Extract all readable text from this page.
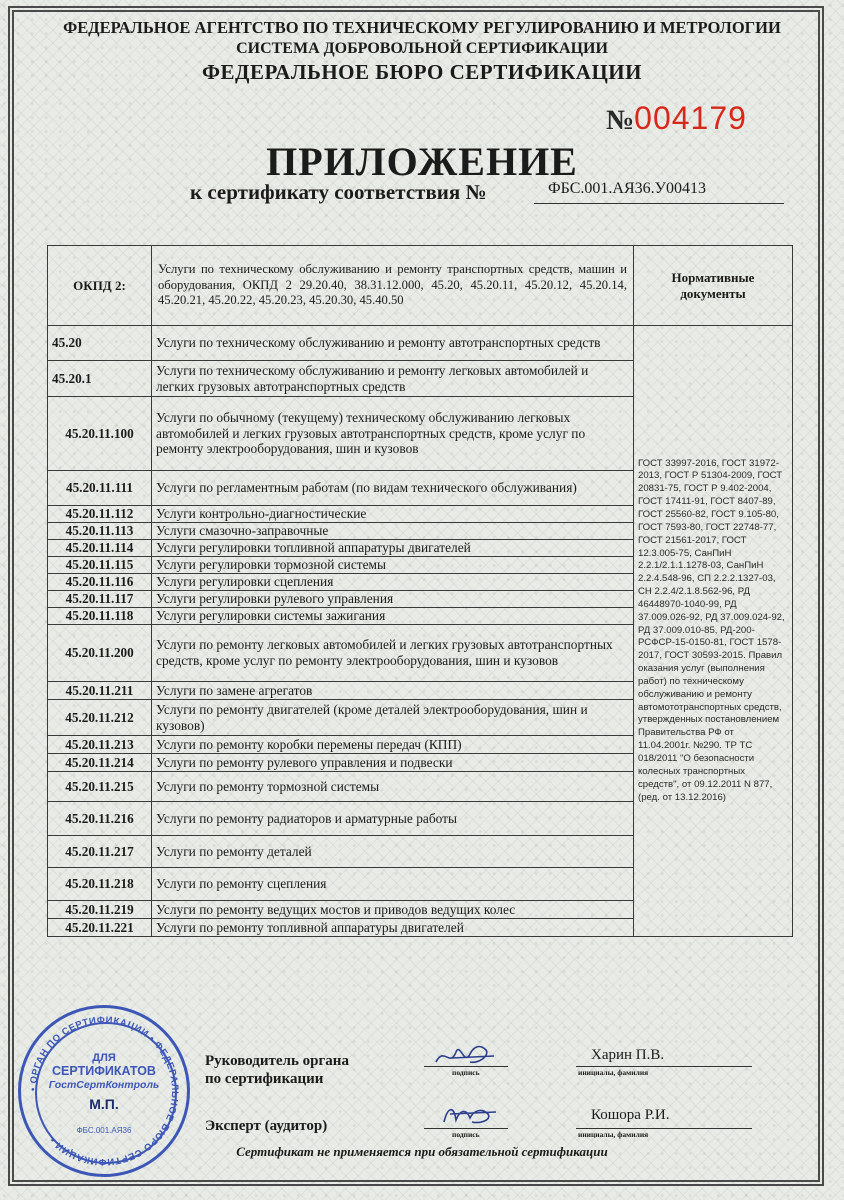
ФЕДЕРАЛЬНОЕ АГЕНТСТВО ПО ТЕХНИЧЕСКОМУ РЕГУЛИРОВАНИЮ И МЕТРОЛОГИИ
СИСТЕМА ДОБРОВОЛЬНОЙ СЕРТИФИКАЦИИ
ФЕДЕРАЛЬНОЕ БЮРО СЕРТИФИКАЦИИ
№004179
ПРИЛОЖЕНИЕ
к сертификату соответствия №	ФБС.001.АЯ36.У00413
ОКПД 2:	Услуги по техническому обслуживанию и ремонту транспортных средств, машин и оборудования, ОКПД 2 29.20.40, 38.31.12.000, 45.20, 45.20.11, 45.20.12, 45.20.14, 45.20.21, 45.20.22, 45.20.23, 45.20.30, 45.40.50	Нормативные документы
45.20	Услуги по техническому обслуживанию и ремонту автотранспортных средств	ГОСТ 33997-2016, ГОСТ 31972-2013, ГОСТ Р 51304-2009, ГОСТ 20831-75, ГОСТ Р 9.402-2004, ГОСТ 17411-91, ГОСТ 8407-89, ГОСТ 25560-82, ГОСТ 9.105-80, ГОСТ 7593-80, ГОСТ 22748-77, ГОСТ 21561-2017, ГОСТ 12.3.005-75, СанПиН 2.2.1/2.1.1.1278-03, СанПиН 2.2.4.548-96, СП 2.2.2.1327-03, СН 2.2.4/2.1.8.562-96, РД 46448970-1040-99, РД 37.009.026-92, РД 37.009.024-92, РД 37.009.010-85, РД-200-РСФСР-15-0150-81, ГОСТ 1578-2017, ГОСТ 30593-2015. Правил оказания услуг (выполнения работ) по техническому обслуживанию и ремонту автомототранспортных средств, утвержденных постановлением Правительства РФ от 11.04.2001г. №290. ТР ТС 018/2011 "О безопасности колесных транспортных средств", от 09.12.2011 N 877, (ред. от 13.12.2016)
45.20.1	Услуги по техническому обслуживанию и ремонту легковых автомобилей и легких грузовых автотранспортных средств	
45.20.11.100	Услуги по обычному (текущему) техническому обслуживанию легковых автомобилей и легких грузовых автотранспортных средств, кроме услуг по ремонту электрооборудования, шин и кузовов	
45.20.11.111	Услуги по регламентным работам (по видам технического обслуживания)	
45.20.11.112	Услуги контрольно-диагностические	
45.20.11.113	Услуги смазочно-заправочные	
45.20.11.114	Услуги регулировки топливной аппаратуры двигателей	
45.20.11.115	Услуги регулировки тормозной системы	
45.20.11.116	Услуги регулировки сцепления	
45.20.11.117	Услуги регулировки рулевого управления	
45.20.11.118	Услуги регулировки системы зажигания	
45.20.11.200	Услуги по ремонту легковых автомобилей и легких грузовых автотранспортных средств, кроме услуг по ремонту электрооборудования, шин и кузовов	
45.20.11.211	Услуги по замене агрегатов	
45.20.11.212	Услуги по ремонту двигателей (кроме деталей электрооборудования, шин и кузовов)	
45.20.11.213	Услуги по ремонту коробки перемены передач (КПП)	
45.20.11.214	Услуги по ремонту рулевого управления и подвески	
45.20.11.215	Услуги по ремонту тормозной системы	
45.20.11.216	Услуги по ремонту радиаторов и арматурные работы	
45.20.11.217	Услуги по ремонту деталей	
45.20.11.218	Услуги по ремонту сцепления	
45.20.11.219	Услуги по ремонту ведущих мостов и приводов ведущих колес	
45.20.11.221	Услуги по ремонту топливной аппаратуры двигателей	
• ОРГАН ПО СЕРТИФИКАЦИИ • ФЕДЕРАЛЬНОЕ БЮРО СЕРТИФИКАЦИИ •
ДЛЯ
СЕРТИФИКАТОВ
ГостСертКонтроль
М.П.
ФБС.001.АЯ36
Руководитель органа
по сертификации	подпись
Харин П.В.
инициалы, фамилия
Эксперт (аудитор)
подпись
Кошора Р.И.
инициалы, фамилия
Сертификат не применяется при обязательной сертификации
